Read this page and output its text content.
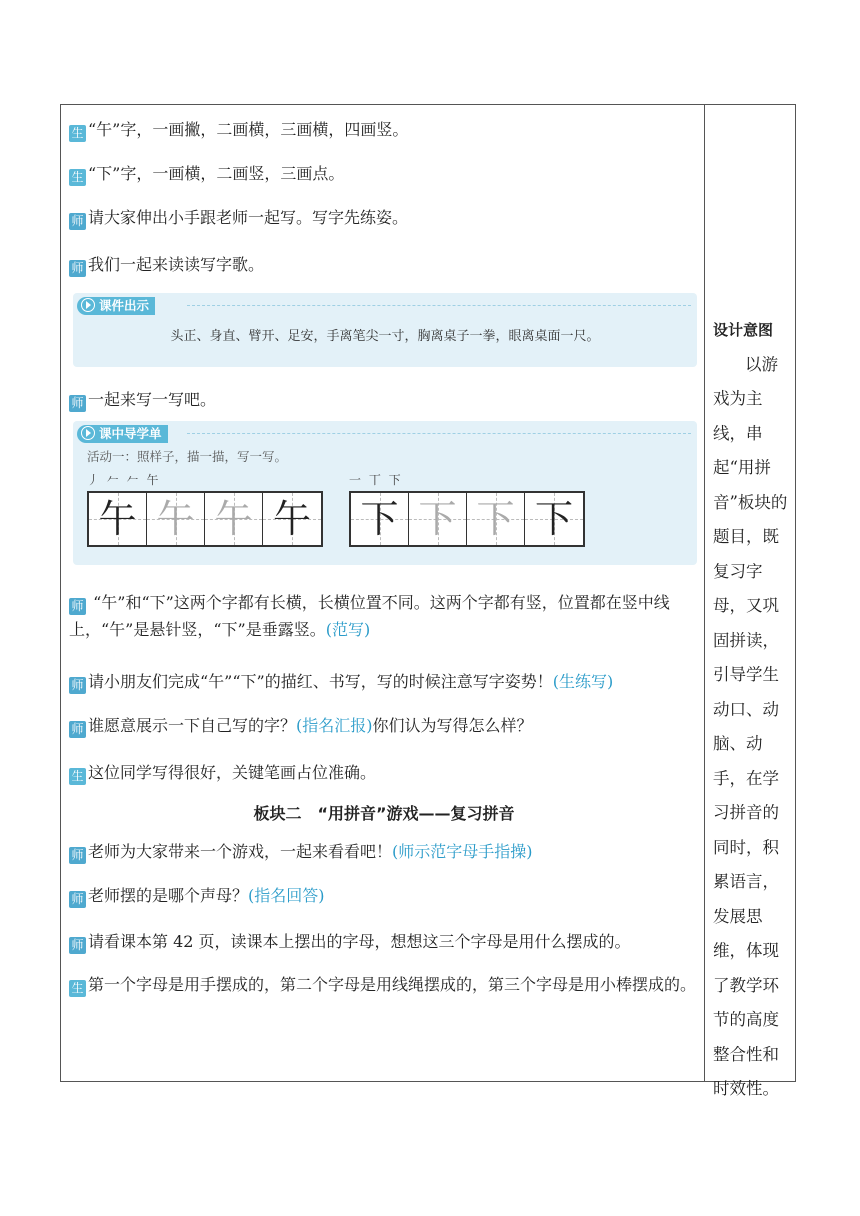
生 “午”字，一画撇，二画横，三画横，四画竖。
生 “下”字，一画横，二画竖，三画点。
师 请大家伸出小手跟老师一起写。写字先练姿。
师 我们一起来读读写字歌。
课件出示
头正、身直、臂开、足安，手离笔尖一寸，胸离桌子一拳，眼离桌面一尺。
师 一起来写一写吧。
课中导学单
活动一：照样子，描一描，写一写。
丿 𠂉 𠂉 午
午 午 午 午
一 丅 下
下 下 下 下
师 “午”和“下”这两个字都有长横，长横位置不同。这两个字都有竖，位置都在竖中线上，“午”是悬针竖，“下”是垂露竖。(范写)
师 请小朋友们完成“午”“下”的描红、书写，写的时候注意写字姿势！(生练写)
师 谁愿意展示一下自己写的字？(指名汇报)你们认为写得怎么样？
生 这位同学写得很好，关键笔画占位准确。
板块二　“用拼音”游戏——复习拼音
师 老师为大家带来一个游戏，一起来看看吧！(师示范字母手指操)
师 老师摆的是哪个声母？(指名回答)
师 请看课本第 42 页，读课本上摆出的字母，想想这三个字母是用什么摆成的。
生 第一个字母是用手摆成的，第二个字母是用线绳摆成的，第三个字母是用小棒摆成的。
设计意图
以游戏为主线，串起“用拼音”板块的题目，既复习字母，又巩固拼读，引导学生动口、动脑、动手，在学习拼音的同时，积累语言，发展思维，体现了教学环节的高度整合性和时效性。
